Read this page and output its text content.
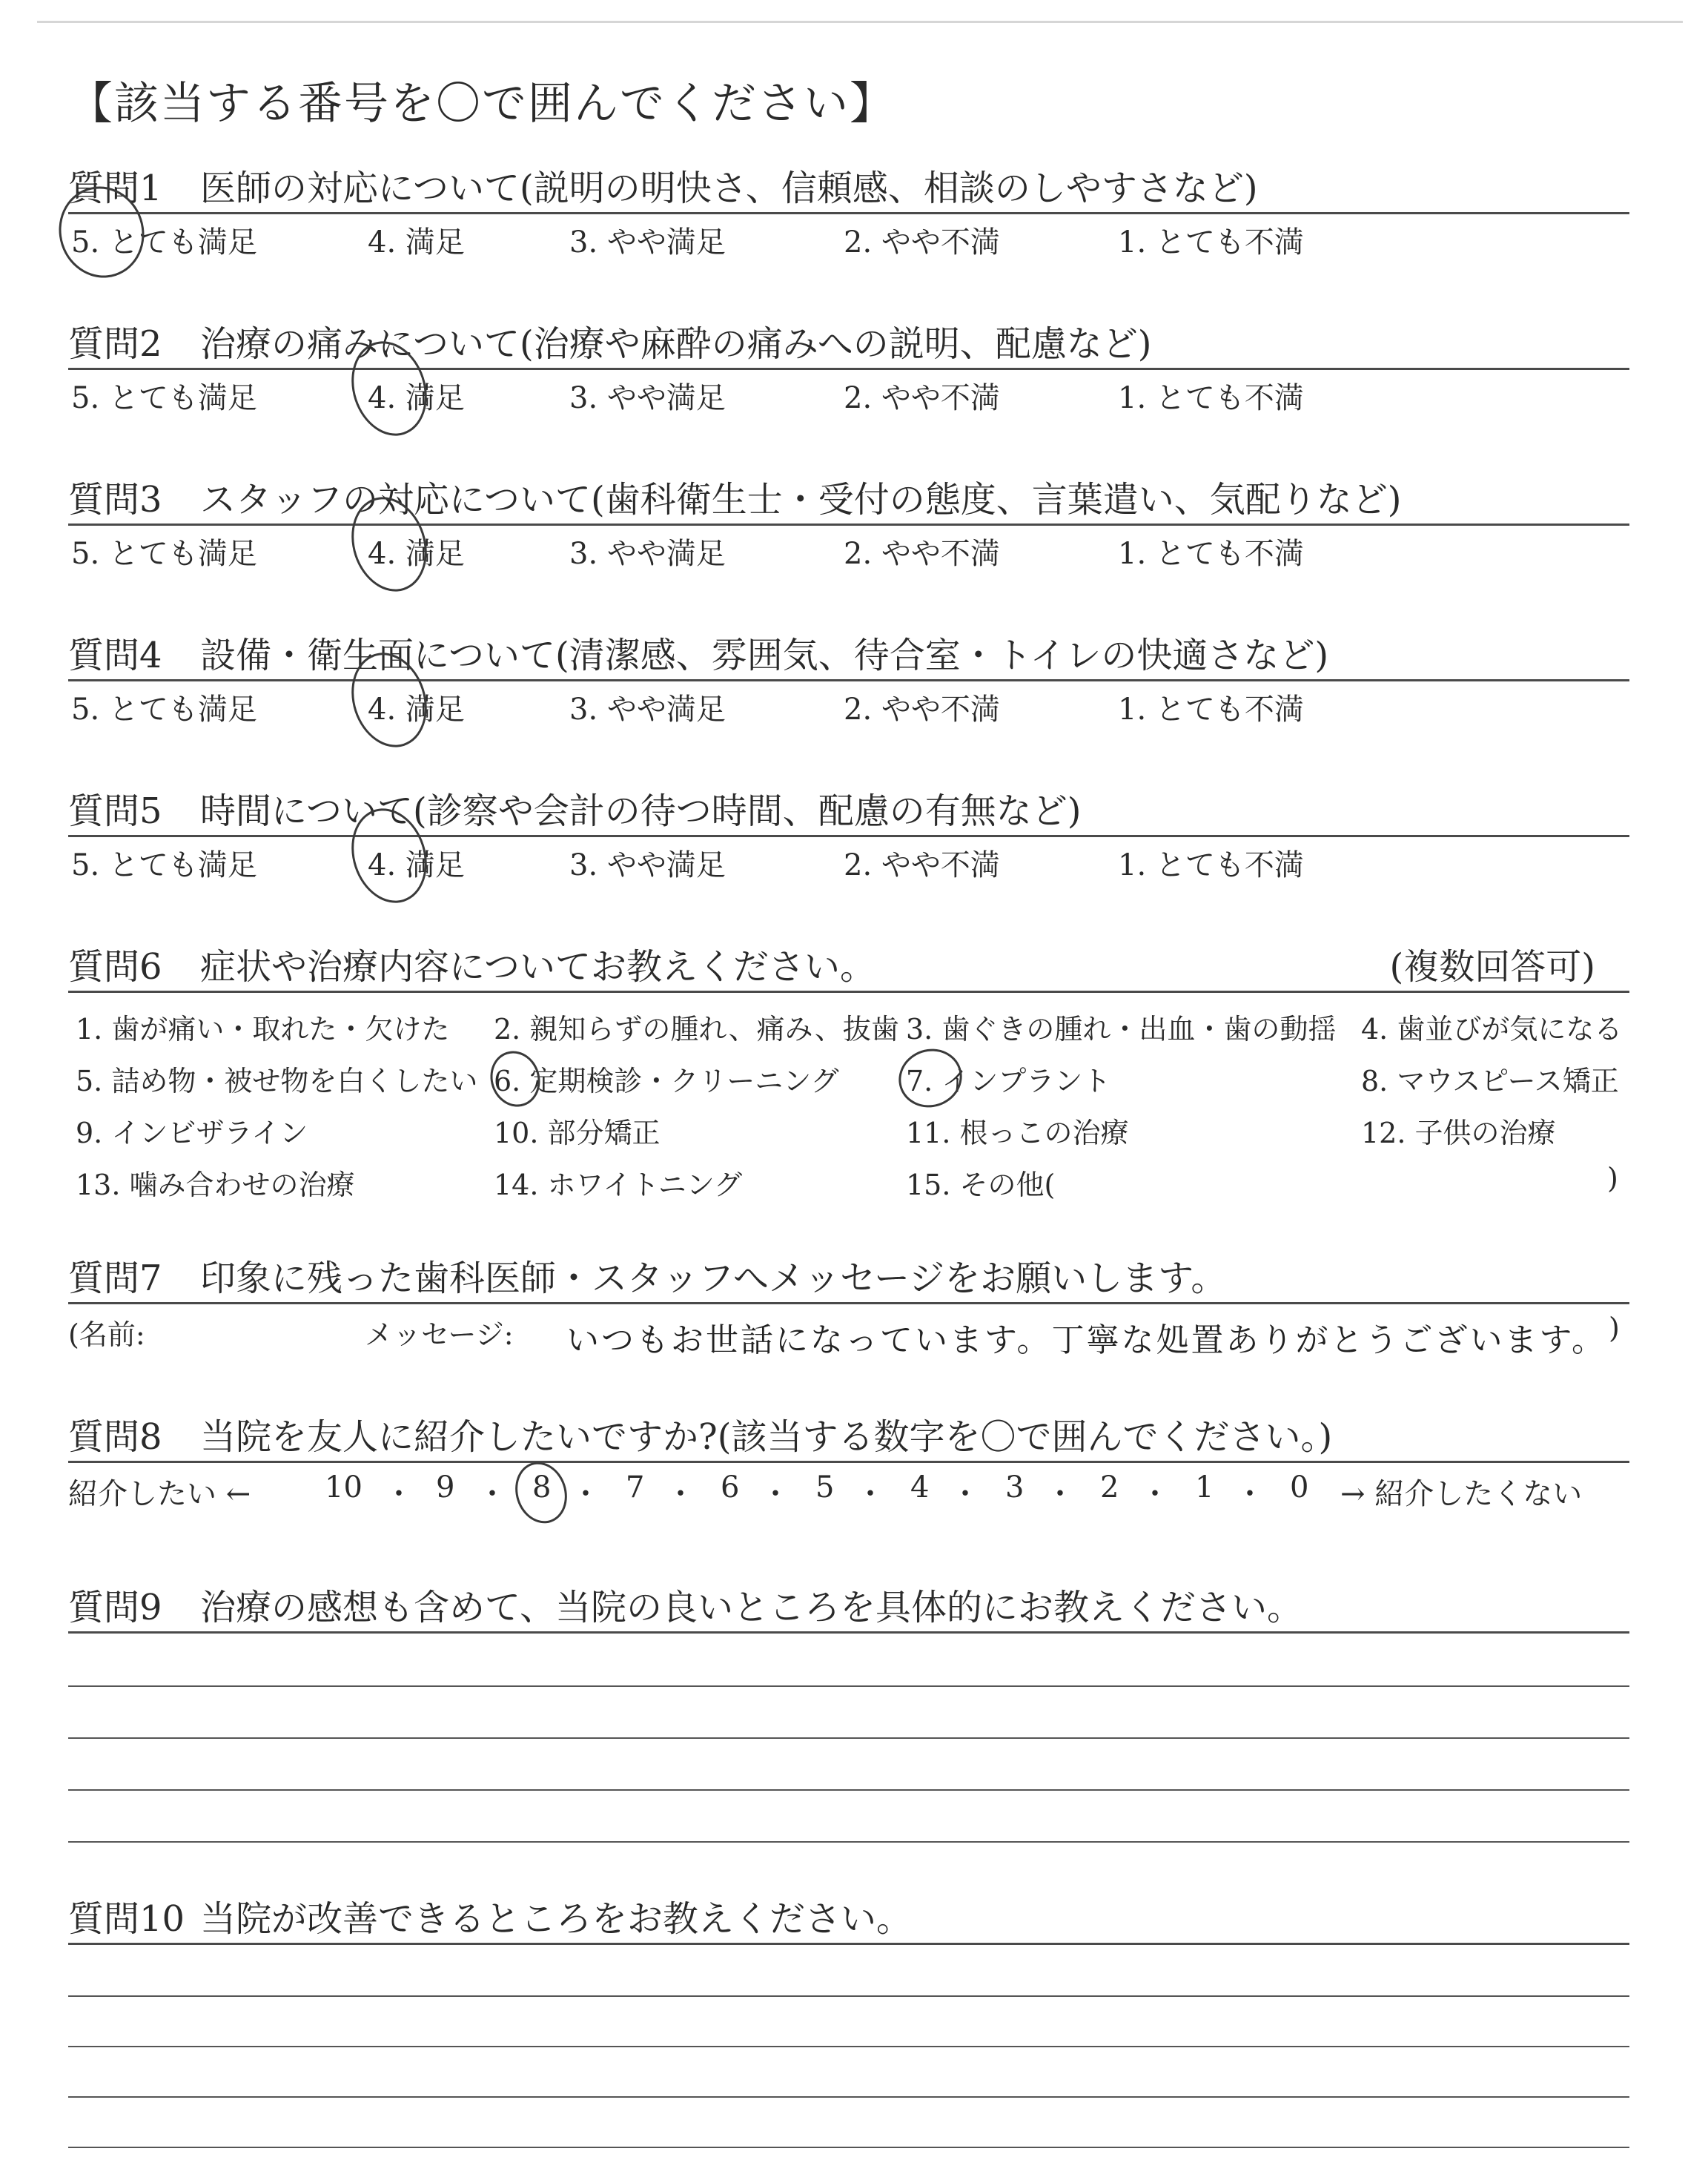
【該当する番号を〇で囲んでください】
質問1 医師の対応について(説明の明快さ、信頼感、相談のしやすさなど)
5. とても満足	4. 満足	3. やや満足	2. やや不満	1. とても不満
質問2 治療の痛みについて(治療や麻酔の痛みへの説明、配慮など)
5. とても満足	4. 満足	3. やや満足	2. やや不満	1. とても不満
質問3 スタッフの対応について(歯科衛生士・受付の態度、言葉遣い、気配りなど)
5. とても満足	4. 満足	3. やや満足	2. やや不満	1. とても不満
質問4 設備・衛生面について(清潔感、雰囲気、待合室・トイレの快適さなど)
5. とても満足	4. 満足	3. やや満足	2. やや不満	1. とても不満
質問5 時間について(診察や会計の待つ時間、配慮の有無など)
5. とても満足	4. 満足	3. やや満足	2. やや不満	1. とても不満
質問6 症状や治療内容についてお教えください。	(複数回答可)
1. 歯が痛い・取れた・欠けた 2. 親知らずの腫れ、痛み、抜歯 3. 歯ぐきの腫れ・出血・歯の動揺 4. 歯並びが気になる
5. 詰め物・被せ物を白くしたい 6. 定期検診・クリーニング 7. インプラント	8. マウスピース矯正
9. インビザライン	10. 部分矯正	11. 根っこの治療	12. 子供の治療
13. 噛み合わせの治療	14. ホワイトニング	15. その他(	)
質問7 印象に残った歯科医師・スタッフへメッセージをお願いします。
(名前:	メッセージ: いつもお世話になっています。丁寧な処置ありがとうございます。 )
質問8 当院を友人に紹介したいですか?(該当する数字を〇で囲んでください。)
紹介したい ← 10 ・ 9 ・ 8 ・ 7 ・ 6 ・ 5 ・ 4 ・ 3 ・ 2 ・ 1 ・ 0 → 紹介したくない
質問9 治療の感想も含めて、当院の良いところを具体的にお教えください。
質問10 当院が改善できるところをお教えください。
